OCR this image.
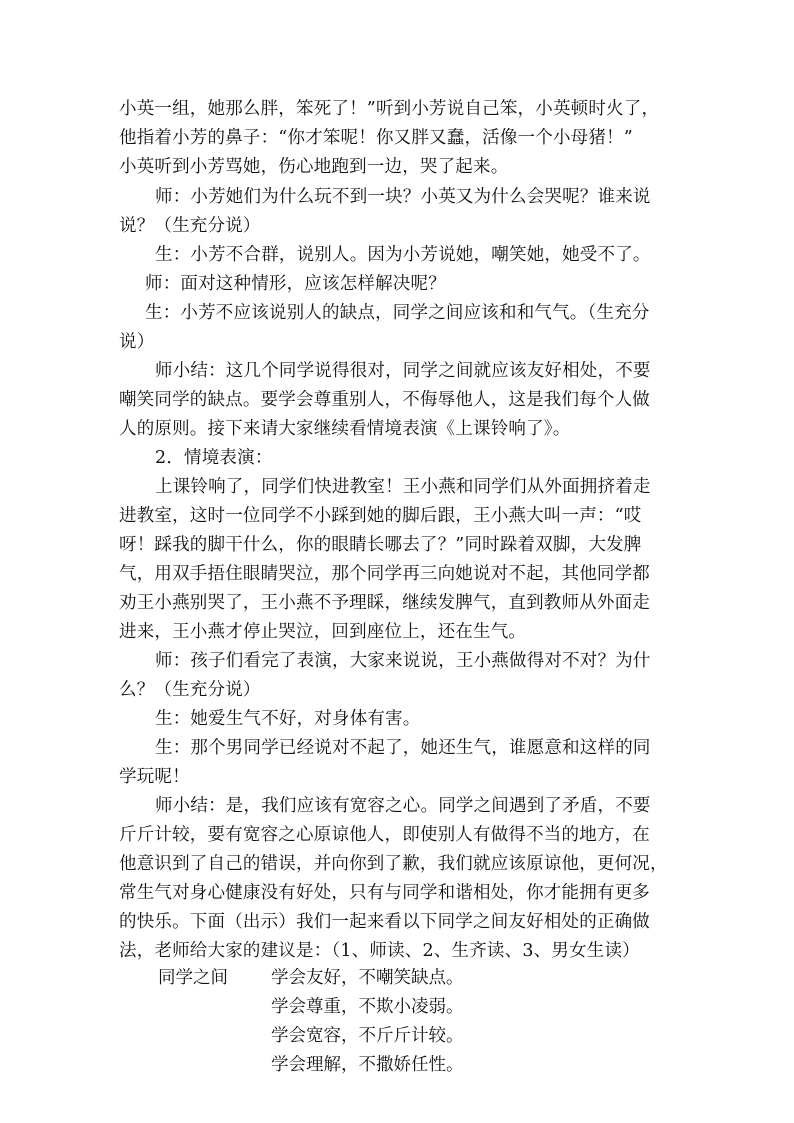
小英一组，她那么胖，笨死了！”听到小芳说自己笨，小英顿时火了，
他指着小芳的鼻子：“你才笨呢！你又胖又蠢，活像一个小母猪！”
小英听到小芳骂她，伤心地跑到一边，哭了起来。
师：小芳她们为什么玩不到一块？小英又为什么会哭呢？谁来说
说？（生充分说）
生：小芳不合群，说别人。因为小芳说她，嘲笑她，她受不了。
师：面对这种情形，应该怎样解决呢？
生：小芳不应该说别人的缺点，同学之间应该和和气气。（生充分
说）
师小结：这几个同学说得很对，同学之间就应该友好相处，不要
嘲笑同学的缺点。要学会尊重别人，不侮辱他人，这是我们每个人做
人的原则。接下来请大家继续看情境表演《上课铃响了》。
2．情境表演：
上课铃响了，同学们快进教室！王小燕和同学们从外面拥挤着走
进教室，这时一位同学不小踩到她的脚后跟，王小燕大叫一声：“哎
呀！踩我的脚干什么，你的眼睛长哪去了？”同时跺着双脚，大发脾
气，用双手捂住眼睛哭泣，那个同学再三向她说对不起，其他同学都
劝王小燕别哭了，王小燕不予理睬，继续发脾气，直到教师从外面走
进来，王小燕才停止哭泣，回到座位上，还在生气。
师：孩子们看完了表演，大家来说说，王小燕做得对不对？为什
么？（生充分说）
生：她爱生气不好，对身体有害。
生：那个男同学已经说对不起了，她还生气，谁愿意和这样的同
学玩呢！
师小结：是，我们应该有宽容之心。同学之间遇到了矛盾，不要
斤斤计较，要有宽容之心原谅他人，即使别人有做得不当的地方，在
他意识到了自己的错误，并向你到了歉，我们就应该原谅他，更何况，
常生气对身心健康没有好处，只有与同学和谐相处，你才能拥有更多
的快乐。下面（出示）我们一起来看以下同学之间友好相处的正确做
法，老师给大家的建议是：（1、师读、2、生齐读、3、男女生读）
同学之间 学会友好，不嘲笑缺点。
学会尊重，不欺小凌弱。
学会宽容，不斤斤计较。
学会理解，不撒娇任性。
